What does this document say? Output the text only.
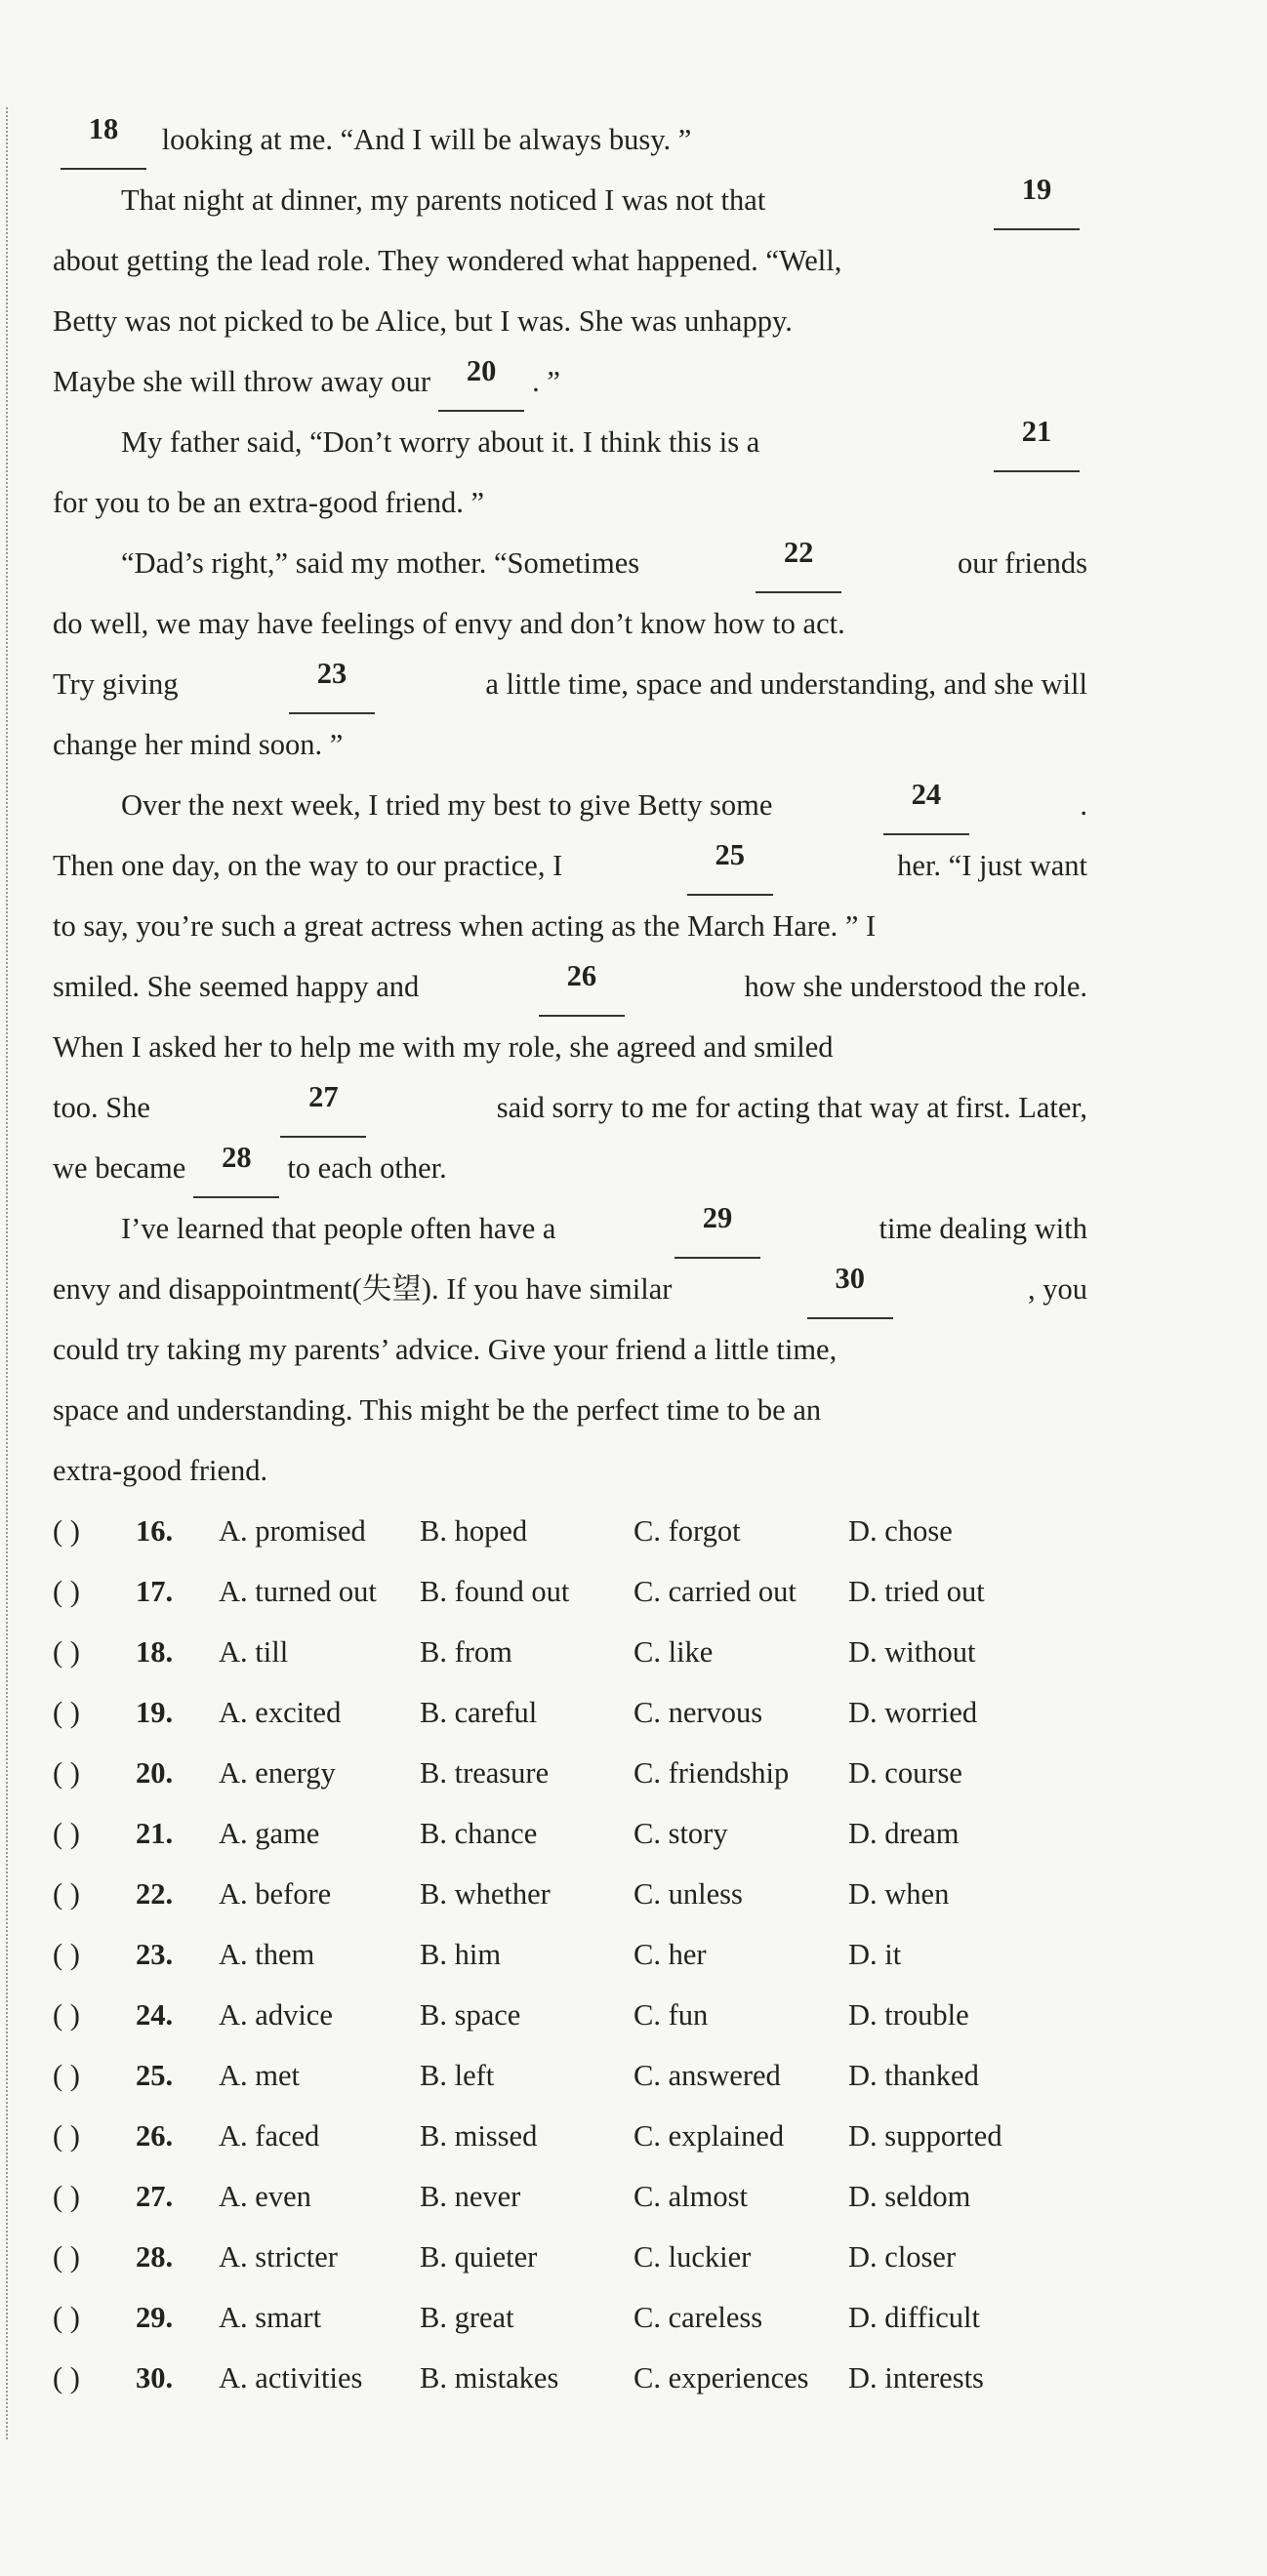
18	looking at me. “And I will be always busy. ”
That night at dinner, my parents noticed I was not that	19
about getting the lead role. They wondered what happened. “Well,
Betty was not picked to be Alice, but I was. She was unhappy.
Maybe she will throw away our	20	. ”
My father said, “Don’t worry about it. I think this is a	21
for you to be an extra-good friend. ”
“Dad’s right,” said my mother. “Sometimes	22	our friends
do well, we may have feelings of envy and don’t know how to act.
Try giving	23	a little time, space and understanding, and she will
change her mind soon. ”
Over the next week, I tried my best to give Betty some	24	.
Then one day, on the way to our practice, I	25	her. “I just want
to say, you’re such a great actress when acting as the March Hare. ” I
smiled. She seemed happy and	26	how she understood the role.
When I asked her to help me with my role, she agreed and smiled
too. She	27	said sorry to me for acting that way at first. Later,
we became	28	to each other.
I’ve learned that people often have a	29	time dealing with
envy and disappointment(失望). If you have similar	30	, you
could try taking my parents’ advice. Give your friend a little time,
space and understanding. This might be the perfect time to be an
extra-good friend.
( ) 16. A. promised B. hoped	C. forgot	D. chose
( ) 17. A. turned out B. found out C. carried out D. tried out
( ) 18. A. till	B. from	C. like	D. without
( ) 19. A. excited	B. careful	C. nervous	D. worried
( ) 20. A. energy	B. treasure	C. friendship D. course
( ) 21. A. game	B. chance	C. story	D. dream
( ) 22. A. before	B. whether	C. unless	D. when
( ) 23. A. them	B. him	C. her	D. it
( ) 24. A. advice	B. space	C. fun	D. trouble
( ) 25. A. met	B. left	C. answered D. thanked
( ) 26. A. faced	B. missed	C. explained D. supported
( ) 27. A. even	B. never	C. almost	D. seldom
( ) 28. A. stricter	B. quieter	C. luckier	D. closer
( ) 29. A. smart	B. great	C. careless	D. difficult
( ) 30. A. activities B. mistakes	C. experiences D. interests
